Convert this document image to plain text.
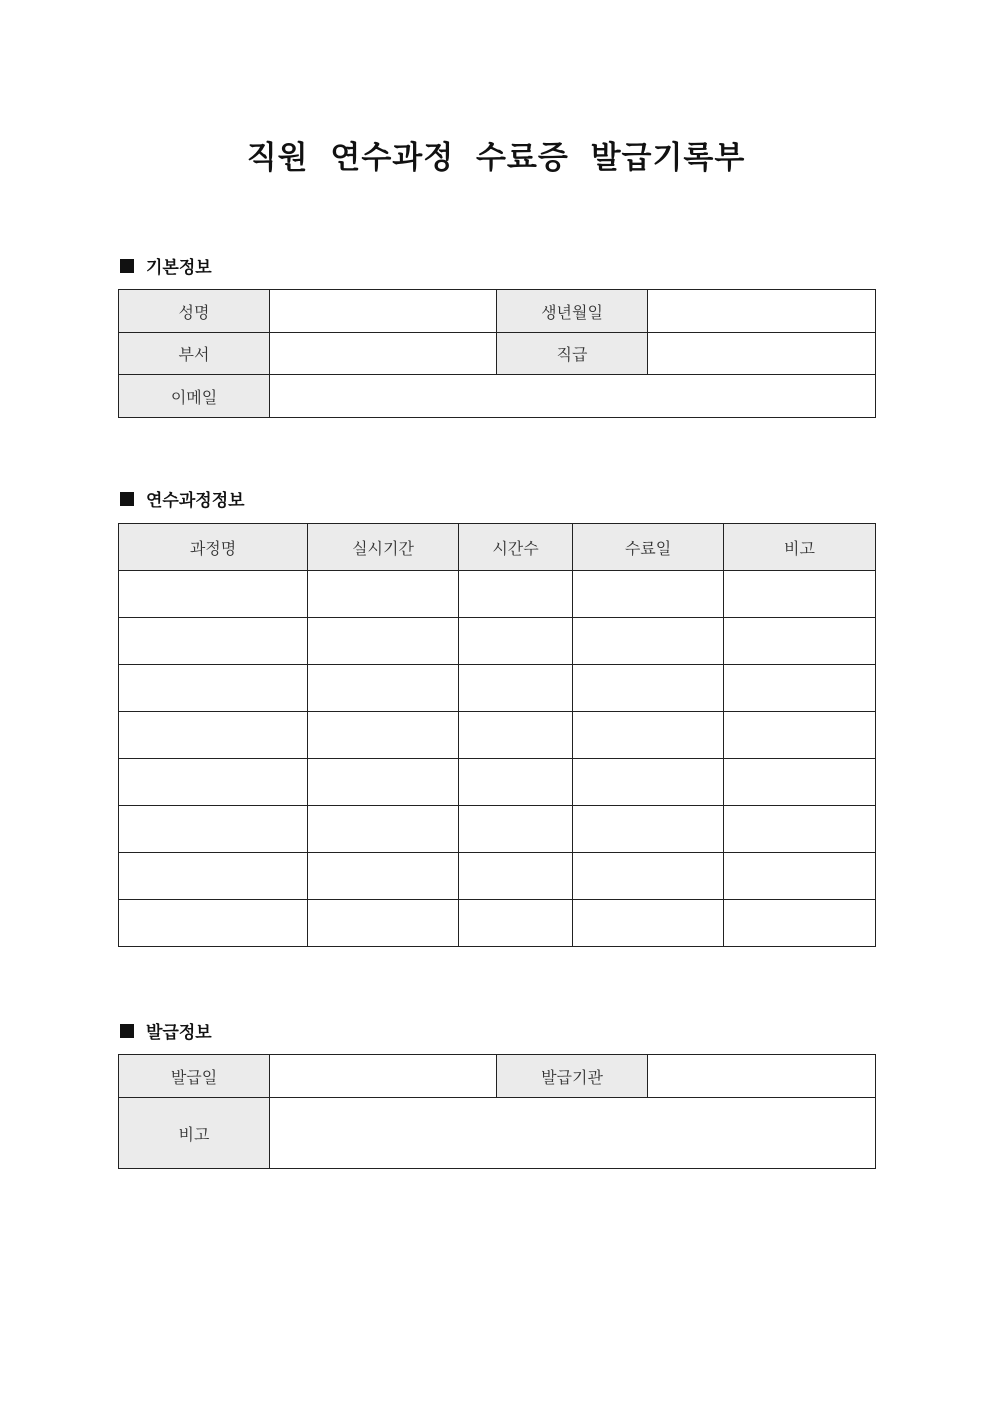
직원 연수과정 수료증 발급기록부
기본정보
성명		생년월일	
부서		직급	
이메일			
연수과정정보
과정명	실시기간	시간수	수료일	비고

발급정보
발급일		발급기관	
비고			
